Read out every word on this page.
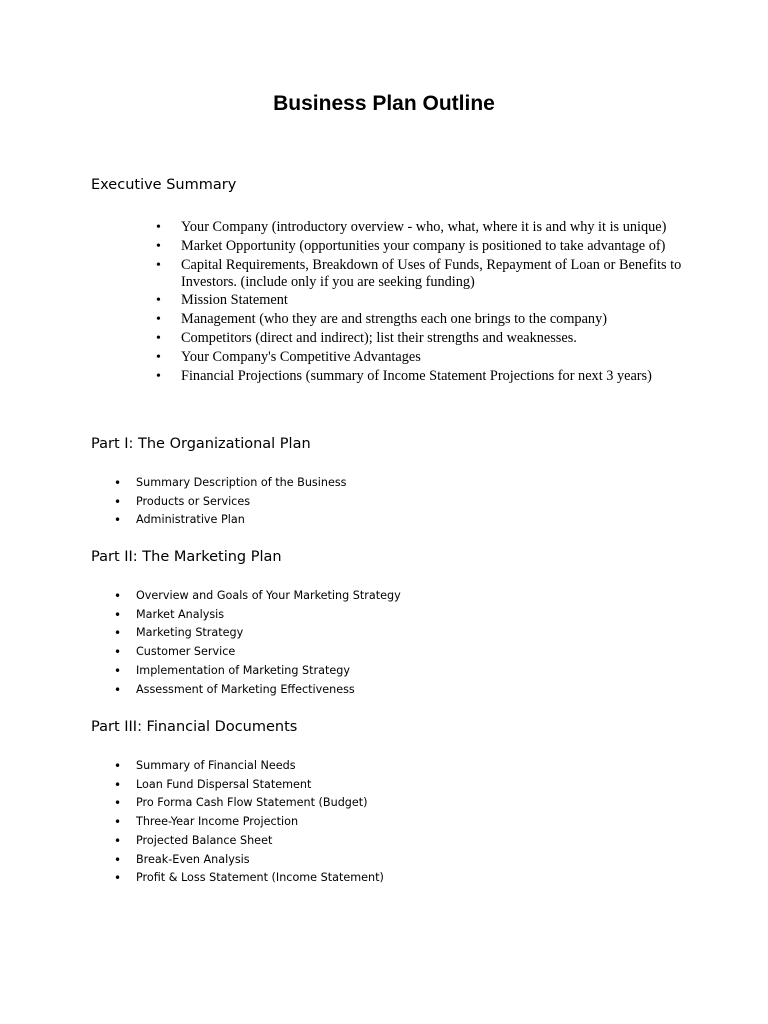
Business Plan Outline
Executive Summary
• Your Company (introductory overview - who, what, where it is and why it is unique)
• Market Opportunity (opportunities your company is positioned to take advantage of)
• Capital Requirements, Breakdown of Uses of Funds, Repayment of Loan or Benefits to Investors. (include only if you are seeking funding)
• Mission Statement
• Management (who they are and strengths each one brings to the company)
• Competitors (direct and indirect); list their strengths and weaknesses.
• Your Company's Competitive Advantages
• Financial Projections (summary of Income Statement Projections for next 3 years)
Part I: The Organizational Plan
• Summary Description of the Business
• Products or Services
• Administrative Plan
Part II: The Marketing Plan
• Overview and Goals of Your Marketing Strategy
• Market Analysis
• Marketing Strategy
• Customer Service
• Implementation of Marketing Strategy
• Assessment of Marketing Effectiveness
Part III: Financial Documents
• Summary of Financial Needs
• Loan Fund Dispersal Statement
• Pro Forma Cash Flow Statement (Budget)
• Three-Year Income Projection
• Projected Balance Sheet
• Break-Even Analysis
• Profit & Loss Statement (Income Statement)
